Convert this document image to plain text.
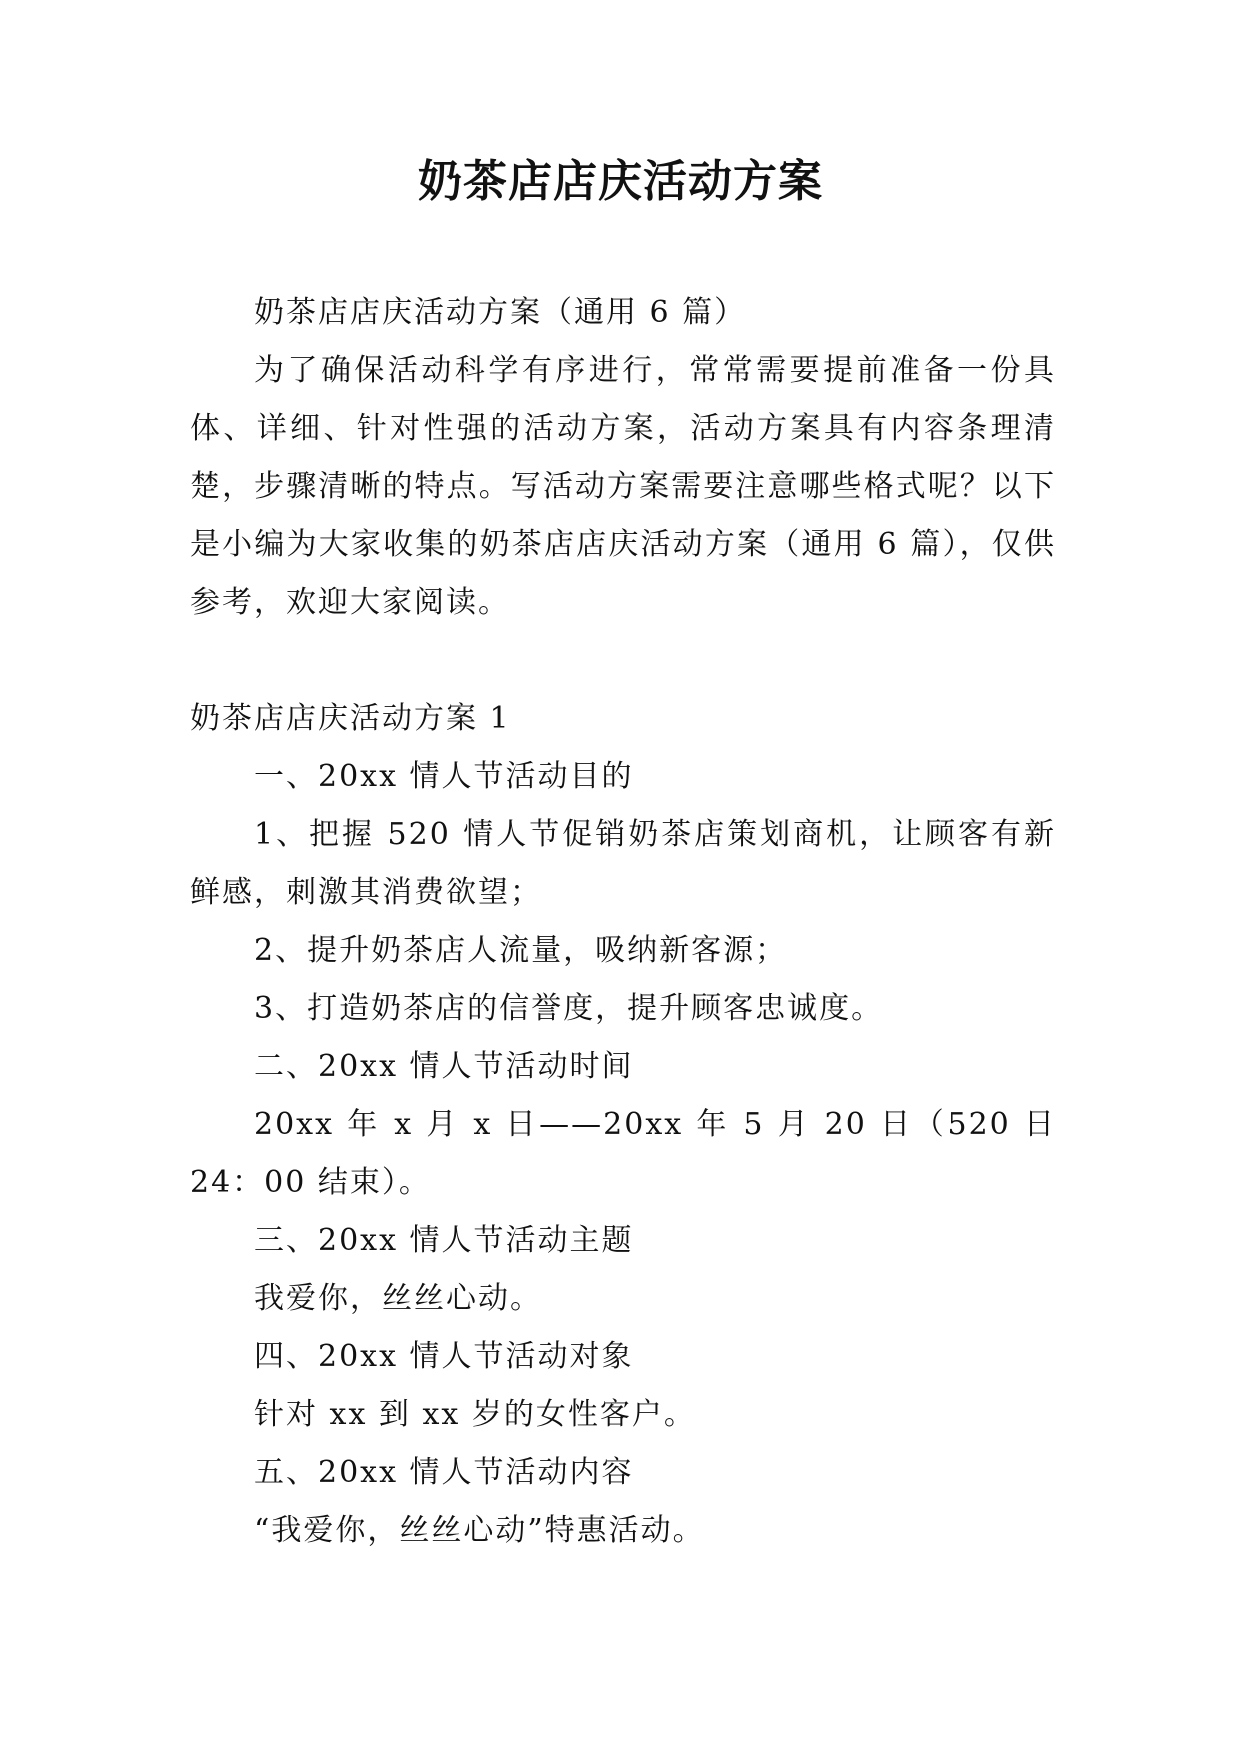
奶茶店店庆活动方案

奶茶店店庆活动方案（通用 6 篇）

为了确保活动科学有序进行，常常需要提前准备一份具体、详细、针对性强的活动方案，活动方案具有内容条理清楚，步骤清晰的特点。写活动方案需要注意哪些格式呢？以下是小编为大家收集的奶茶店店庆活动方案（通用 6 篇），仅供参考，欢迎大家阅读。

奶茶店店庆活动方案 1

一、20xx 情人节活动目的

1、把握 520 情人节促销奶茶店策划商机，让顾客有新鲜感，刺激其消费欲望；

2、提升奶茶店人流量，吸纳新客源；

3、打造奶茶店的信誉度，提升顾客忠诚度。

二、20xx 情人节活动时间

20xx 年 x 月 x 日——20xx 年 5 月 20 日（520 日 24：00 结束）。

三、20xx 情人节活动主题

我爱你，丝丝心动。

四、20xx 情人节活动对象

针对 xx 到 xx 岁的女性客户。

五、20xx 情人节活动内容

“我爱你，丝丝心动”特惠活动。
